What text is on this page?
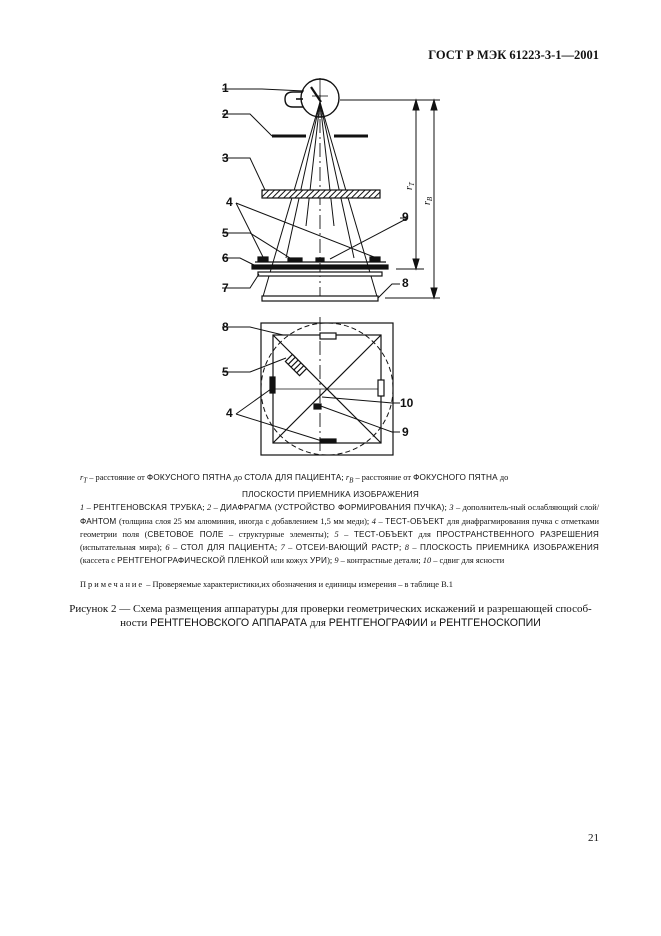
ГОСТ Р МЭК 61223-3-1—2001
1
2
3
4
5
6
7
9
8
8
5
4
10
9
$r_Т$
$r_B$
$r_Т$ – расстояние от ФОКУСНОГО ПЯТНА до СТОЛА ДЛЯ ПАЦИЕНТА; $r_B$ – расстояние от ФОКУСНОГО ПЯТНА до
ПЛОСКОСТИ ПРИЕМНИКА ИЗОБРАЖЕНИЯ
1 – РЕНТГЕНОВСКАЯ ТРУБКА; 2 – ДИАФРАГМА (УСТРОЙСТВО ФОРМИРОВАНИЯ ПУЧКА); 3 – дополнитель-ный ослабляющий слой/ФАНТОМ (толщина слоя 25 мм алюминия, иногда с добавлением 1,5 мм меди); 4 – ТЕСТ-ОБЪЕКТ для диафрагмирования пучка с отметками геометрии поля (СВЕТОВОЕ ПОЛЕ – структурные элементы); 5 – ТЕСТ-ОБЪЕКТ для ПРОСТРАНСТВЕННОГО РАЗРЕШЕНИЯ (испытательная мира); 6 – СТОЛ ДЛЯ ПАЦИЕНТА; 7 – ОТСЕИ-ВАЮЩИЙ РАСТР; 8 – ПЛОСКОСТЬ ПРИЕМНИКА ИЗОБРАЖЕНИЯ (кассета с РЕНТГЕНОГРАФИЧЕСКОЙ ПЛЕНКОЙ или кожух УРИ); 9 – контрастные детали; 10 – сдвиг для ясности
Примечание – Проверяемые характеристики,их обозначения и единицы измерения – в таблице В.1
Рисунок 2 — Схема размещения аппаратуры для проверки геометрических искажений и разрешающей способ-ности РЕНТГЕНОВСКОГО АППАРАТА для РЕНТГЕНОГРАФИИ и РЕНТГЕНОСКОПИИ
21
